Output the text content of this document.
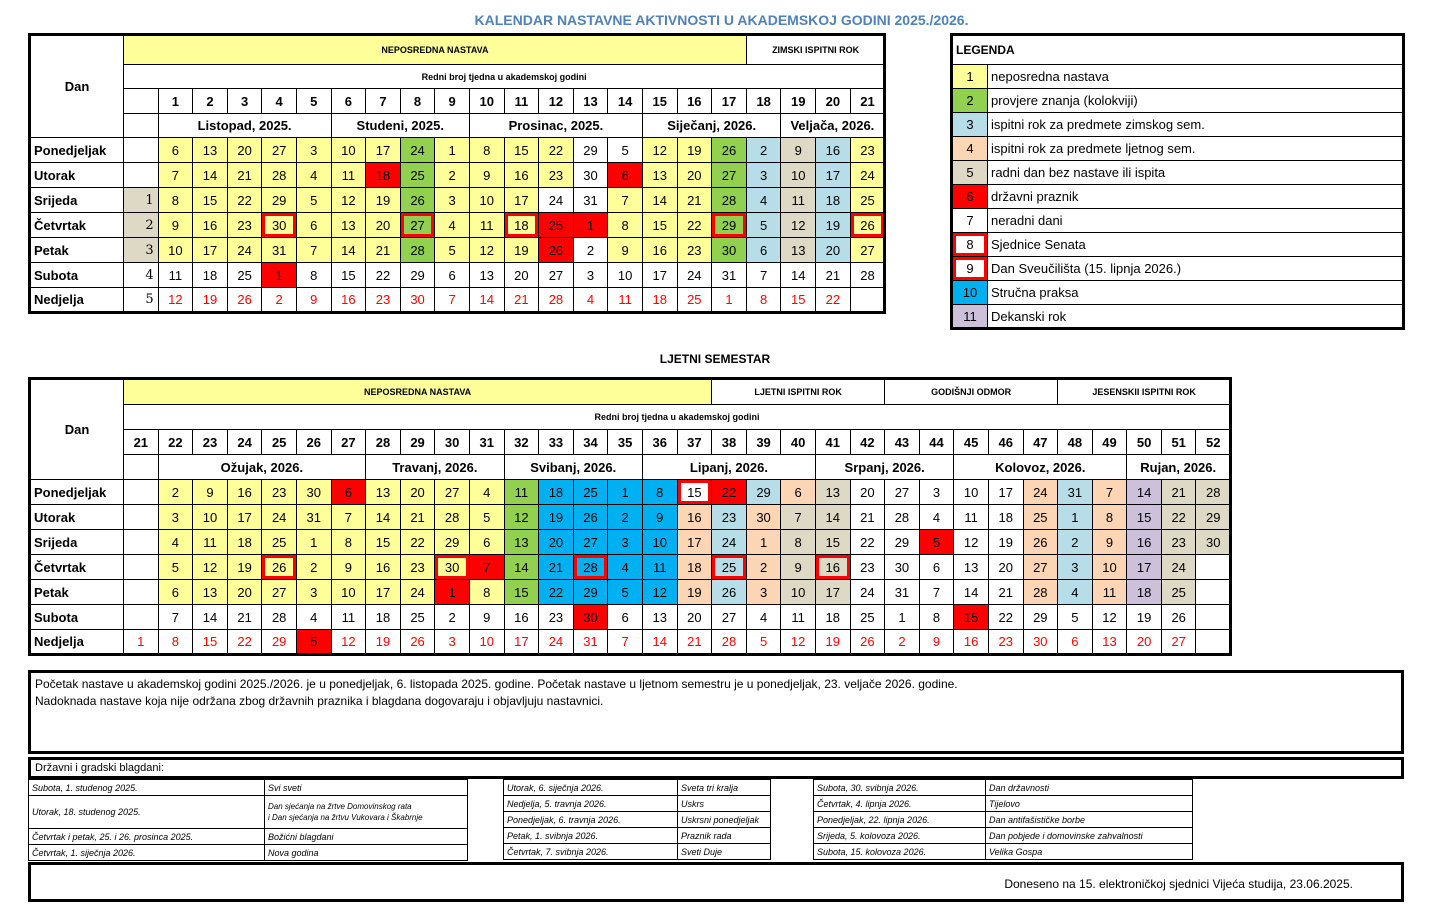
KALENDAR NASTAVNE AKTIVNOSTI U AKADEMSKOJ GODINI 2025./2026.
Dan	NEPOSREDNA NASTAVA																		ZIMSKI ISPITNI ROK			
	Redni broj tjedna u akademskoj godini																					
		1	2	3	4	5	6	7	8	9	10	11	12	13	14	15	16	17	18	19	20	21
		Listopad, 2025.					Studeni, 2025.				Prosinac, 2025.					Siječanj, 2026.				Veljača, 2026.		
Ponedjeljak		6	13	20	27	3	10	17	24	1	8	15	22	29	5	12	19	26	2	9	16	23
Utorak		7	14	21	28	4	11	18	25	2	9	16	23	30	6	13	20	27	3	10	17	24
Srijeda	1	8	15	22	29	5	12	19	26	3	10	17	24	31	7	14	21	28	4	11	18	25
Četvrtak	2	9	16	23	30	6	13	20	27	4	11	18	25	1	8	15	22	29	5	12	19	26
Petak	3	10	17	24	31	7	14	21	28	5	12	19	26	2	9	16	23	30	6	13	20	27
Subota	4	11	18	25	1	8	15	22	29	6	13	20	27	3	10	17	24	31	7	14	21	28
Nedjelja	5	12	19	26	2	9	16	23	30	7	14	21	28	4	11	18	25	1	8	15	22	
LEGENDA	
1	neposredna nastava
2	provjere znanja (kolokviji)
3	ispitni rok za predmete zimskog sem.
4	ispitni rok za predmete ljetnog sem.
5	radni dan bez nastave ili ispita
6	državni praznik
7	neradni dani
8	Sjednice Senata
9	Dan Sveučilišta (15. lipnja 2026.)
10	Stručna praksa
11	Dekanski rok
LJETNI SEMESTAR
Dan	NEPOSREDNA NASTAVA																	LJETNI ISPITNI ROK					GODIŠNJI ODMOR					JESENSKII ISPITNI ROK				
	Redni broj tjedna u akademskoj godini																															
	21	22	23	24	25	26	27	28	29	30	31	32	33	34	35	36	37	38	39	40	41	42	43	44	45	46	47	48	49	50	51	52
		Ožujak, 2026.						Travanj, 2026.				Svibanj, 2026.				Lipanj, 2026.					Srpanj, 2026.				Kolovoz, 2026.					Rujan, 2026.		
Ponedjeljak		2	9	16	23	30	6	13	20	27	4	11	18	25	1	8	15	22	29	6	13	20	27	3	10	17	24	31	7	14	21	28
Utorak		3	10	17	24	31	7	14	21	28	5	12	19	26	2	9	16	23	30	7	14	21	28	4	11	18	25	1	8	15	22	29
Srijeda		4	11	18	25	1	8	15	22	29	6	13	20	27	3	10	17	24	1	8	15	22	29	5	12	19	26	2	9	16	23	30
Četvrtak		5	12	19	26	2	9	16	23	30	7	14	21	28	4	11	18	25	2	9	16	23	30	6	13	20	27	3	10	17	24	
Petak		6	13	20	27	3	10	17	24	1	8	15	22	29	5	12	19	26	3	10	17	24	31	7	14	21	28	4	11	18	25	
Subota		7	14	21	28	4	11	18	25	2	9	16	23	30	6	13	20	27	4	11	18	25	1	8	15	22	29	5	12	19	26	
Nedjelja	1	8	15	22	29	5	12	19	26	3	10	17	24	31	7	14	21	28	5	12	19	26	2	9	16	23	30	6	13	20	27	

Početak nastave u akademskoj godini 2025./2026. je u ponedjeljak, 6. listopada 2025. godine. Početak nastave u ljetnom semestru je u ponedjeljak, 23. veljače 2026. godine.

Nadoknada nastave koja nije održana zbog državnih praznika i blagdana dogovaraju i objavljuju nastavnici.

Državni i gradski blagdani:
Subota, 1. studenog 2025.	Svi sveti
Utorak, 18. studenog 2025.	Dan sjećanja na žrtve Domovinskog rata
i Dan sjećanja na žrtvu Vukovara i Škabrnje
Četvrtak i petak, 25. i 26. prosinca 2025.	Božićni blagdani
Četvrtak, 1. siječnja 2026.	Nova godina
Utorak, 6. siječnja 2026.	Sveta tri kralja
Nedjelja, 5. travnja 2026.	Uskrs
Ponedjeljak, 6. travnja 2026.	Uskrsni ponedjeljak
Petak, 1. svibnja 2026.	Praznik rada
Četvrtak, 7. svibnja 2026.	Sveti Duje
Subota, 30. svibnja 2026.	Dan državnosti
Četvrtak, 4. lipnja 2026.	Tijelovo
Ponedjeljak, 22. lipnja 2026.	Dan antifašističke borbe
Srijeda, 5. kolovoza 2026.	Dan pobjede i domovinske zahvalnosti
Subota, 15. kolovoza 2026.	Velika Gospa
Doneseno na 15. elektroničkoj sjednici Vijeća studija, 23.06.2025.
